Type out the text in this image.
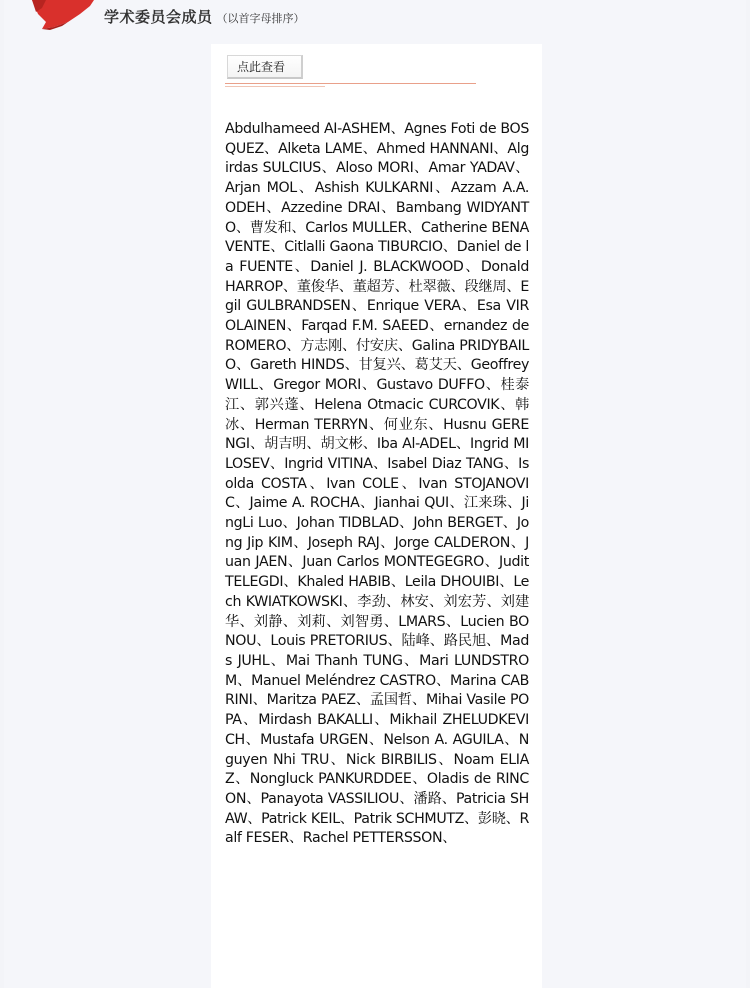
学术委员会成员 （以首字母排序）
点此查看
Abdulhameed AI-ASHEM、Agnes Foti de BOSQUEZ、Alketa LAME、Ahmed HANNANI、Algirdas SULCIUS、Aloso MORI、Amar YADAV、Arjan MOL、Ashish KULKARNI、Azzam A.A. ODEH、Azzedine DRAI、Bambang WIDYANTO、曹发和、Carlos MULLER、Catherine BENAVENTE、Citlalli Gaona TIBURCIO、Daniel de la FUENTE、Daniel J. BLACKWOOD、Donald HARROP、董俊华、董超芳、杜翠薇、段继周、Egil GULBRANDSEN、Enrique VERA、Esa VIROLAINEN、Farqad F.M. SAEED、ernandez de ROMERO、方志刚、付安庆、Galina PRIDYBAILO、Gareth HINDS、甘复兴、葛艾天、Geoffrey WILL、Gregor MORI、Gustavo DUFFO、桂泰江、郭兴蓬、Helena Otmacic CURCOVIK、韩冰、Herman TERRYN、何业东、Husnu GERENGI、胡吉明、胡文彬、Iba Al-ADEL、Ingrid MILOSEV、Ingrid VITINA、Isabel Diaz TANG、Isolda COSTA、Ivan COLE、Ivan STOJANOVIC、Jaime A. ROCHA、Jianhai QUI、江来珠、JingLi Luo、Johan TIDBLAD、John BERGET、Jong Jip KIM、Joseph RAJ、Jorge CALDERON、Juan JAEN、Juan Carlos MONTEGEGRO、Judit TELEGDI、Khaled HABIB、Leila DHOUIBI、Lech KWIATKOWSKI、李劲、林安、刘宏芳、刘建华、刘静、刘莉、刘智勇、LMARS、Lucien BONOU、Louis PRETORIUS、陆峰、路民旭、Mads JUHL、Mai Thanh TUNG、Mari LUNDSTROM、Manuel Meléndrez CASTRO、Marina CABRINI、Maritza PAEZ、孟国哲、Mihai Vasile POPA、Mirdash BAKALLI、Mikhail ZHELUDKEVICH、Mustafa URGEN、Nelson A. AGUILA、Nguyen Nhi TRU、Nick BIRBILIS、Noam ELIAZ、Nongluck PANKURDDEE、Oladis de RINCON、Panayota VASSILIOU、潘路、Patricia SHAW、Patrick KEIL、Patrik SCHMUTZ、彭晓、Ralf FESER、Rachel PETTERSSON、
